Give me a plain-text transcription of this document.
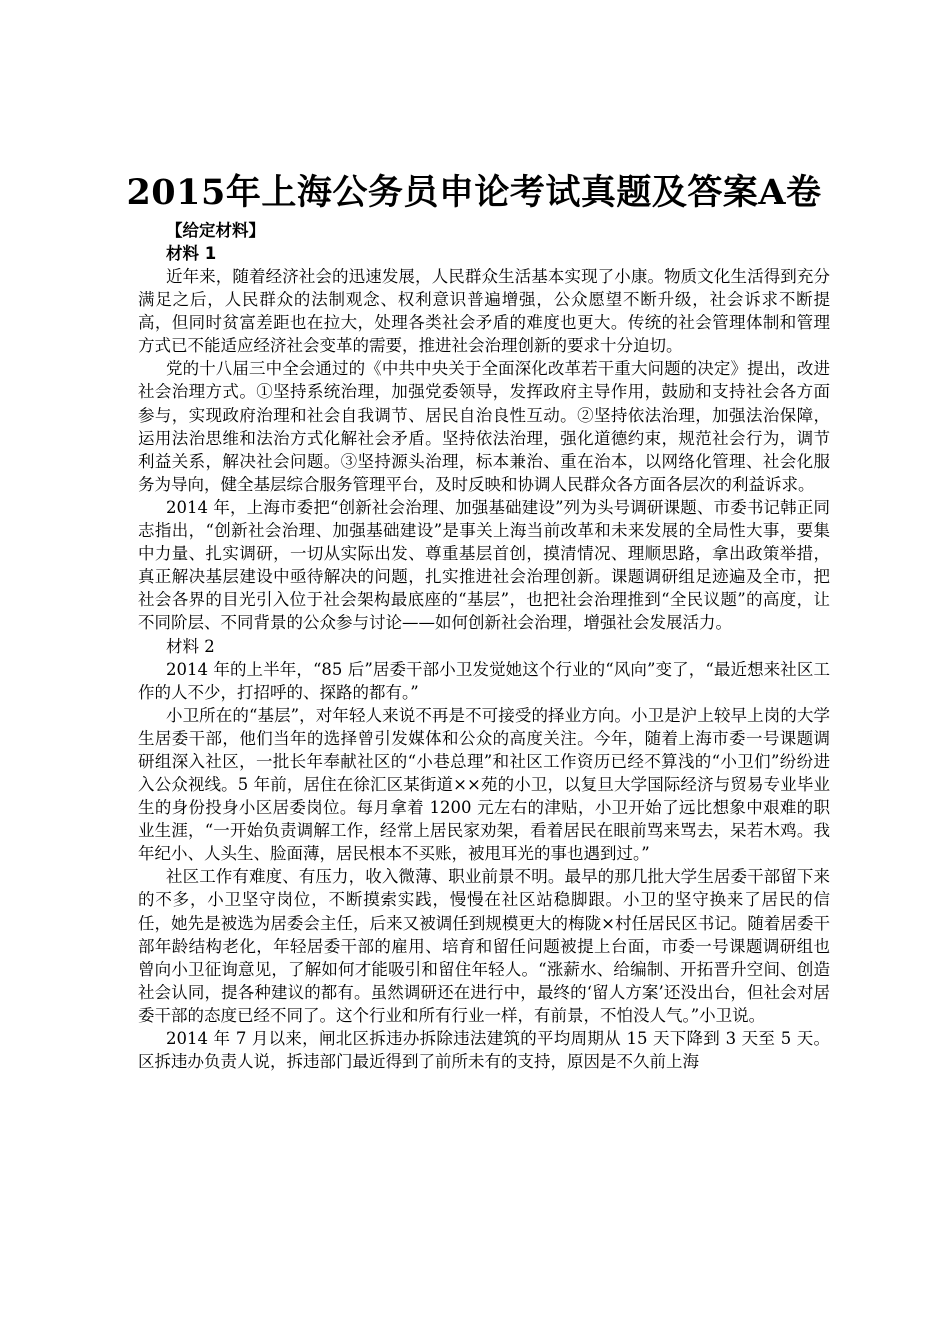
2015年上海公务员申论考试真题及答案A卷
【给定材料】
材料 1

近年来，随着经济社会的迅速发展，人民群众生活基本实现了小康。物质文化生活得到充分满足之后，人民群众的法制观念、权利意识普遍增强，公众愿望不断升级，社会诉求不断提高，但同时贫富差距也在拉大，处理各类社会矛盾的难度也更大。传统的社会管理体制和管理方式已不能适应经济社会变革的需要，推进社会治理创新的要求十分迫切。

党的十八届三中全会通过的《中共中央关于全面深化改革若干重大问题的决定》提出，改进社会治理方式。①坚持系统治理，加强党委领导，发挥政府主导作用，鼓励和支持社会各方面参与，实现政府治理和社会自我调节、居民自治良性互动。②坚持依法治理，加强法治保障，运用法治思维和法治方式化解社会矛盾。坚持依法治理，强化道德约束，规范社会行为，调节利益关系，解决社会问题。③坚持源头治理，标本兼治、重在治本，以网络化管理、社会化服务为导向，健全基层综合服务管理平台，及时反映和协调人民群众各方面各层次的利益诉求。

2014 年，上海市委把“创新社会治理、加强基础建设”列为头号调研课题、市委书记韩正同志指出，“创新社会治理、加强基础建设”是事关上海当前改革和未来发展的全局性大事，要集中力量、扎实调研，一切从实际出发、尊重基层首创，摸清情况、理顺思路，拿出政策举措，真正解决基层建设中亟待解决的问题，扎实推进社会治理创新。课题调研组足迹遍及全市，把社会各界的目光引入位于社会架构最底座的“基层”，也把社会治理推到“全民议题”的高度，让不同阶层、不同背景的公众参与讨论——如何创新社会治理，增强社会发展活力。

材料 2

2014 年的上半年，“85 后”居委干部小卫发觉她这个行业的“风向”变了，“最近想来社区工作的人不少，打招呼的、探路的都有。”

小卫所在的“基层”，对年轻人来说不再是不可接受的择业方向。小卫是沪上较早上岗的大学生居委干部，他们当年的选择曾引发媒体和公众的高度关注。今年，随着上海市委一号课题调研组深入社区，一批长年奉献社区的“小巷总理”和社区工作资历已经不算浅的“小卫们”纷纷进入公众视线。5 年前，居住在徐汇区某街道××苑的小卫，以复旦大学国际经济与贸易专业毕业生的身份投身小区居委岗位。每月拿着 1200 元左右的津贴，小卫开始了远比想象中艰难的职业生涯，“一开始负责调解工作，经常上居民家劝架，看着居民在眼前骂来骂去，呆若木鸡。我年纪小、人头生、脸面薄，居民根本不买账，被甩耳光的事也遇到过。”

社区工作有难度、有压力，收入微薄、职业前景不明。最早的那几批大学生居委干部留下来的不多，小卫坚守岗位，不断摸索实践，慢慢在社区站稳脚跟。小卫的坚守换来了居民的信任，她先是被选为居委会主任，后来又被调任到规模更大的梅陇×村任居民区书记。随着居委干部年龄结构老化，年轻居委干部的雇用、培育和留任问题被提上台面，市委一号课题调研组也曾向小卫征询意见，了解如何才能吸引和留住年轻人。“涨薪水、给编制、开拓晋升空间、创造社会认同，提各种建议的都有。虽然调研还在进行中，最终的‘留人方案’还没出台，但社会对居委干部的态度已经不同了。这个行业和所有行业一样，有前景，不怕没人气。”小卫说。

2014 年 7 月以来，闸北区拆违办拆除违法建筑的平均周期从 15 天下降到 3 天至 5 天。区拆违办负责人说，拆违部门最近得到了前所未有的支持，原因是不久前上海
